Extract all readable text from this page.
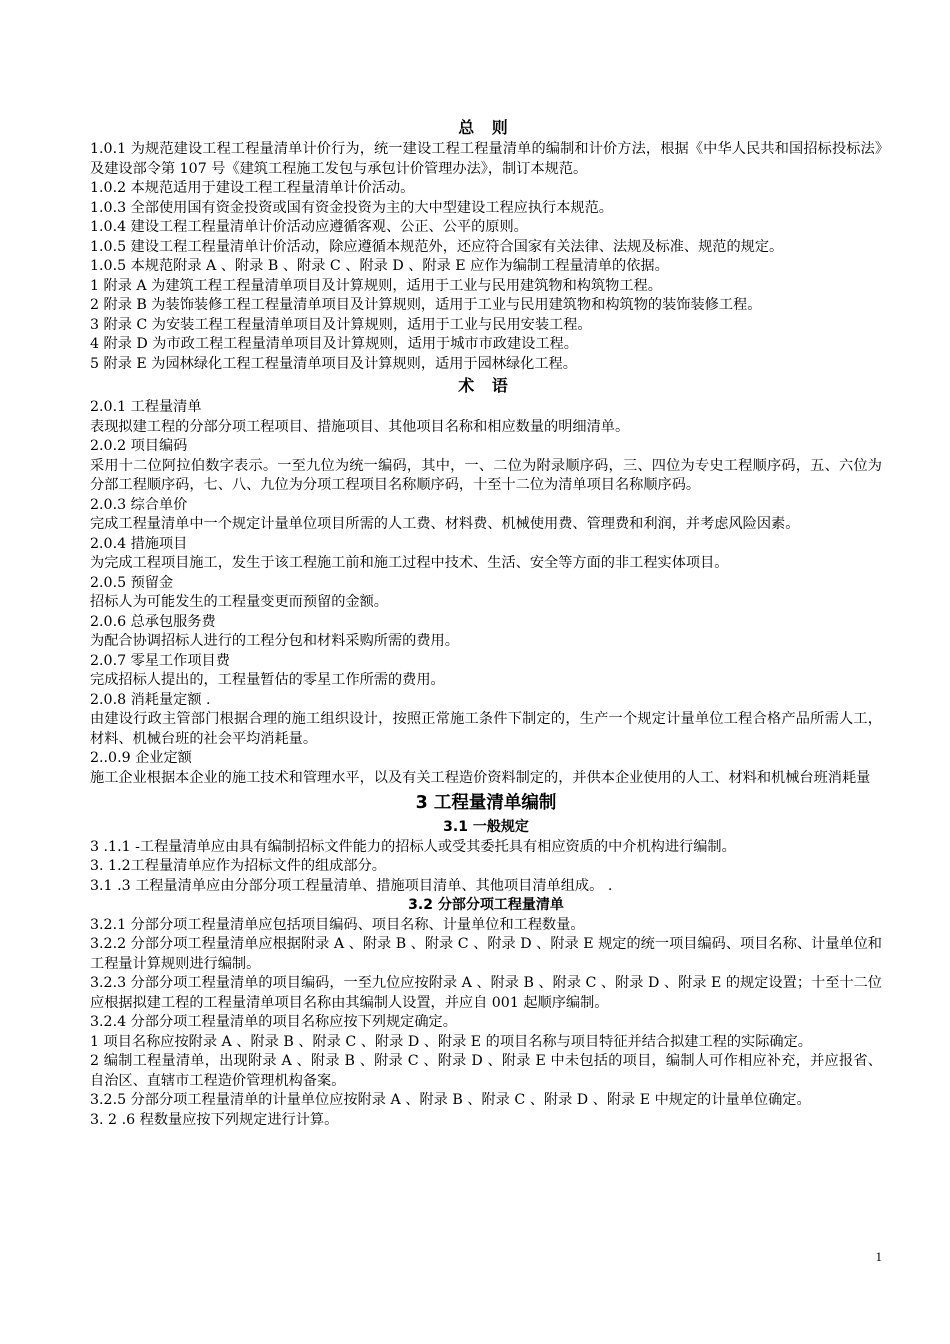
总 则

1.0.1 为规范建设工程工程量清单计价行为，统一建设工程工程量清单的编制和计价方法，根据《中华人民共和国招标投标法》及建设部令第 107 号《建筑工程施工发包与承包计价管理办法》，制订本规范。

1.0.2 本规范适用于建设工程工程量清单计价活动。

1.0.3 全部使用国有资金投资或国有资金投资为主的大中型建设工程应执行本规范。

1.0.4 建设工程工程量清单计价活动应遵循客观、公正、公平的原则。

1.0.5 建设工程工程量清单计价活动，除应遵循本规范外，还应符合国家有关法律、法规及标准、规范的规定。

1.0.5 本规范附录 A 、附录 B 、附录 C 、附录 D 、附录 E 应作为编制工程量清单的依据。

1 附录 A 为建筑工程工程量清单项目及计算规则，适用于工业与民用建筑物和构筑物工程。

2 附录 B 为装饰装修工程工程量清单项目及计算规则，适用于工业与民用建筑物和构筑物的装饰装修工程。

3 附录 C 为安装工程工程量清单项目及计算规则，适用于工业与民用安装工程。

4 附录 D 为市政工程工程量清单项目及计算规则，适用于城市市政建设工程。

5 附录 E 为园林绿化工程工程量清单项目及计算规则，适用于园林绿化工程。

术 语

2.0.1 工程量清单

表现拟建工程的分部分项工程项目、措施项目、其他项目名称和相应数量的明细清单。

2.0.2 项目编码

采用十二位阿拉伯数字表示。一至九位为统一编码，其中，一、二位为附录顺序码，三、四位为专史工程顺序码，五、六位为分部工程顺序码，七、八、九位为分项工程项目名称顺序码，十至十二位为清单项目名称顺序码。

2.0.3 综合单价

完成工程量清单中一个规定计量单位项目所需的人工费、材料费、机械使用费、管理费和利润，并考虑风险因素。

2.0.4 措施项目

为完成工程项目施工，发生于该工程施工前和施工过程中技术、生活、安全等方面的非工程实体项目。

2.0.5 预留金

招标人为可能发生的工程量变更而预留的金额。

2.0.6 总承包服务费

为配合协调招标人进行的工程分包和材料采购所需的费用。

2.0.7 零星工作项目费

完成招标人提出的，工程量暂估的零星工作所需的费用。

2.0.8 消耗量定额 .

由建设行政主管部门根据合理的施工组织设计，按照正常施工条件下制定的，生产一个规定计量单位工程合格产品所需人工， 材料、机械台班的社会平均消耗量。

2..0.9 企业定额

施工企业根据本企业的施工技术和管理水平，以及有关工程造价资料制定的，并供本企业使用的人工、材料和机械台班消耗量

3 工程量清单编制

3.1 一般规定

3 .1.1 -工程量清单应由具有编制招标文件能力的招标人或受其委托具有相应资质的中介机构进行编制。

3. 1.2工程量清单应作为招标文件的组成部分。

3.1 .3 工程量清单应由分部分项工程量清单、措施项目清单、其他项目清单组成。 .

3.2 分部分项工程量清单

3.2.1 分部分项工程量清单应包括项目编码、项目名称、计量单位和工程数量。

3.2.2 分部分项工程量清单应根据附录 A 、附录 B 、附录 C 、附录 D 、附录 E 规定的统一项目编码、项目名称、计量单位和工程量计算规则进行编制。

3.2.3 分部分项工程量清单的项目编码，一至九位应按附录 A 、附录 B 、附录 C 、附录 D 、附录 E 的规定设置；十至十二位应根据拟建工程的工程量清单项目名称由其编制人设置，并应自 001 起顺序编制。

3.2.4 分部分项工程量清单的项目名称应按下列规定确定。

1 项目名称应按附录 A 、附录 B 、附录 C 、附录 D 、附录 E 的项目名称与项目特征并结合拟建工程的实际确定。

2 编制工程量清单，出现附录 A 、附录 B 、附录 C 、附录 D 、附录 E 中未包括的项目，编制人可作相应补充，并应报省、自治区、直辖市工程造价管理机构备案。

3.2.5 分部分项工程量清单的计量单位应按附录 A 、附录 B 、附录 C 、附录 D 、附录 E 中规定的计量单位确定。

3. 2 .6 程数量应按下列规定进行计算。

1
